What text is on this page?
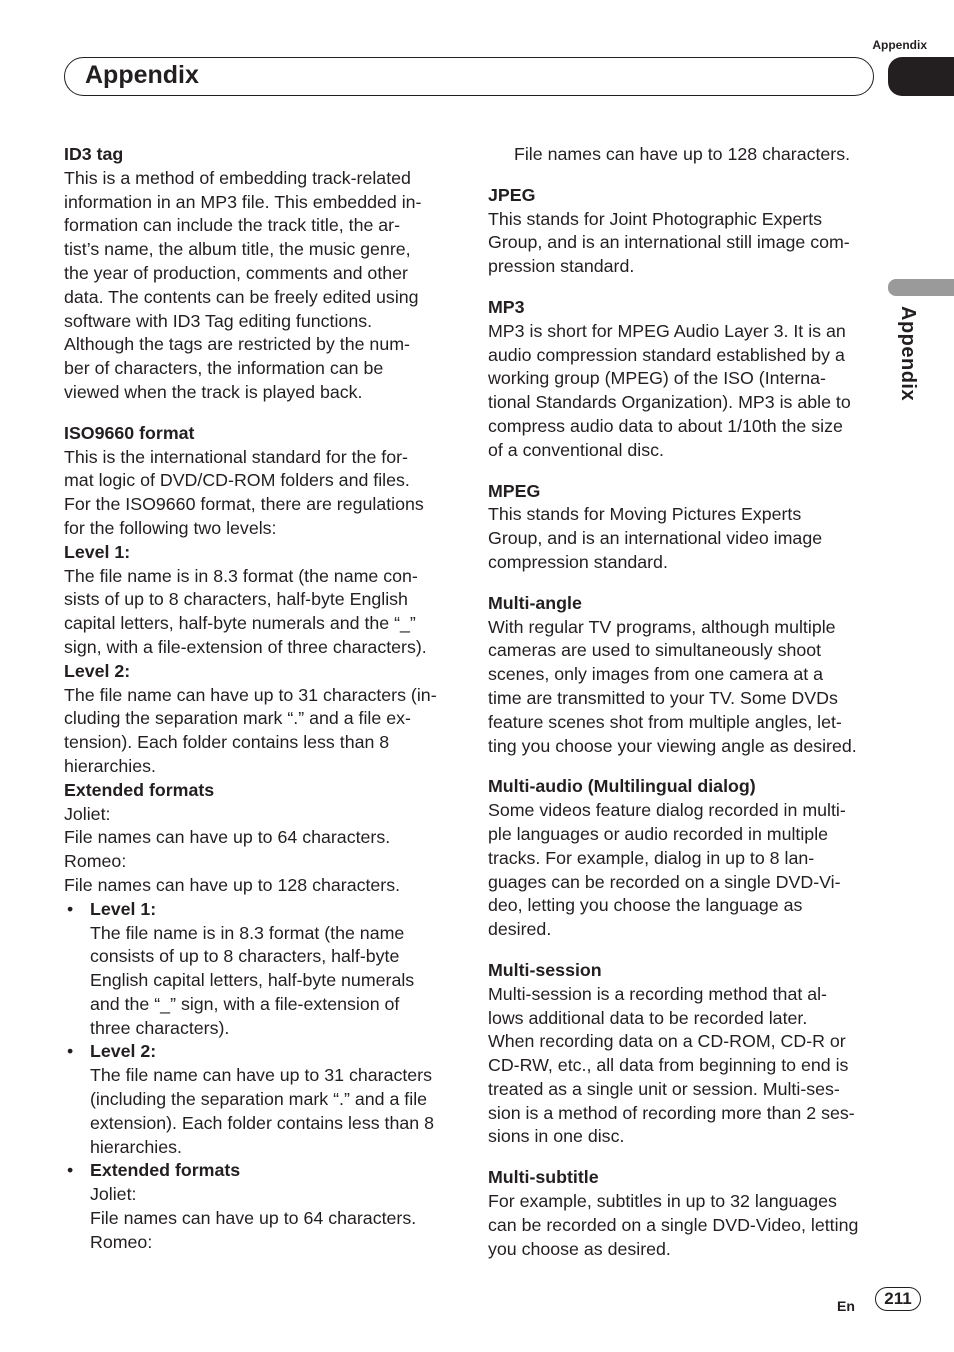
Appendix
Appendix
Appendix

ID3 tag

This is a method of embedding track-related

information in an MP3 file. This embedded in-

formation can include the track title, the ar-

tist’s name, the album title, the music genre,

the year of production, comments and other

data. The contents can be freely edited using

software with ID3 Tag editing functions.

Although the tags are restricted by the num-

ber of characters, the information can be

viewed when the track is played back.

ISO9660 format

This is the international standard for the for-

mat logic of DVD/CD-ROM folders and files.

For the ISO9660 format, there are regulations

for the following two levels:

Level 1:

The file name is in 8.3 format (the name con-

sists of up to 8 characters, half-byte English

capital letters, half-byte numerals and the “_”

sign, with a file-extension of three characters).

Level 2:

The file name can have up to 31 characters (in-

cluding the separation mark “.” and a file ex-

tension). Each folder contains less than 8

hierarchies.

Extended formats

Joliet:

File names can have up to 64 characters.

Romeo:

File names can have up to 128 characters.

• Level 1:

The file name is in 8.3 format (the name

consists of up to 8 characters, half-byte

English capital letters, half-byte numerals

and the “_” sign, with a file-extension of

three characters).

• Level 2:

The file name can have up to 31 characters

(including the separation mark “.” and a file

extension). Each folder contains less than 8

hierarchies.

• Extended formats

Joliet:

File names can have up to 64 characters.

Romeo:

File names can have up to 128 characters.

JPEG

This stands for Joint Photographic Experts

Group, and is an international still image com-

pression standard.

MP3

MP3 is short for MPEG Audio Layer 3. It is an

audio compression standard established by a

working group (MPEG) of the ISO (Interna-

tional Standards Organization). MP3 is able to

compress audio data to about 1/10th the size

of a conventional disc.

MPEG

This stands for Moving Pictures Experts

Group, and is an international video image

compression standard.

Multi-angle

With regular TV programs, although multiple

cameras are used to simultaneously shoot

scenes, only images from one camera at a

time are transmitted to your TV. Some DVDs

feature scenes shot from multiple angles, let-

ting you choose your viewing angle as desired.

Multi-audio (Multilingual dialog)

Some videos feature dialog recorded in multi-

ple languages or audio recorded in multiple

tracks. For example, dialog in up to 8 lan-

guages can be recorded on a single DVD-Vi-

deo, letting you choose the language as

desired.

Multi-session

Multi-session is a recording method that al-

lows additional data to be recorded later.

When recording data on a CD-ROM, CD-R or

CD-RW, etc., all data from beginning to end is

treated as a single unit or session. Multi-ses-

sion is a method of recording more than 2 ses-

sions in one disc.

Multi-subtitle

For example, subtitles in up to 32 languages

can be recorded on a single DVD-Video, letting

you choose as desired.

En	211
